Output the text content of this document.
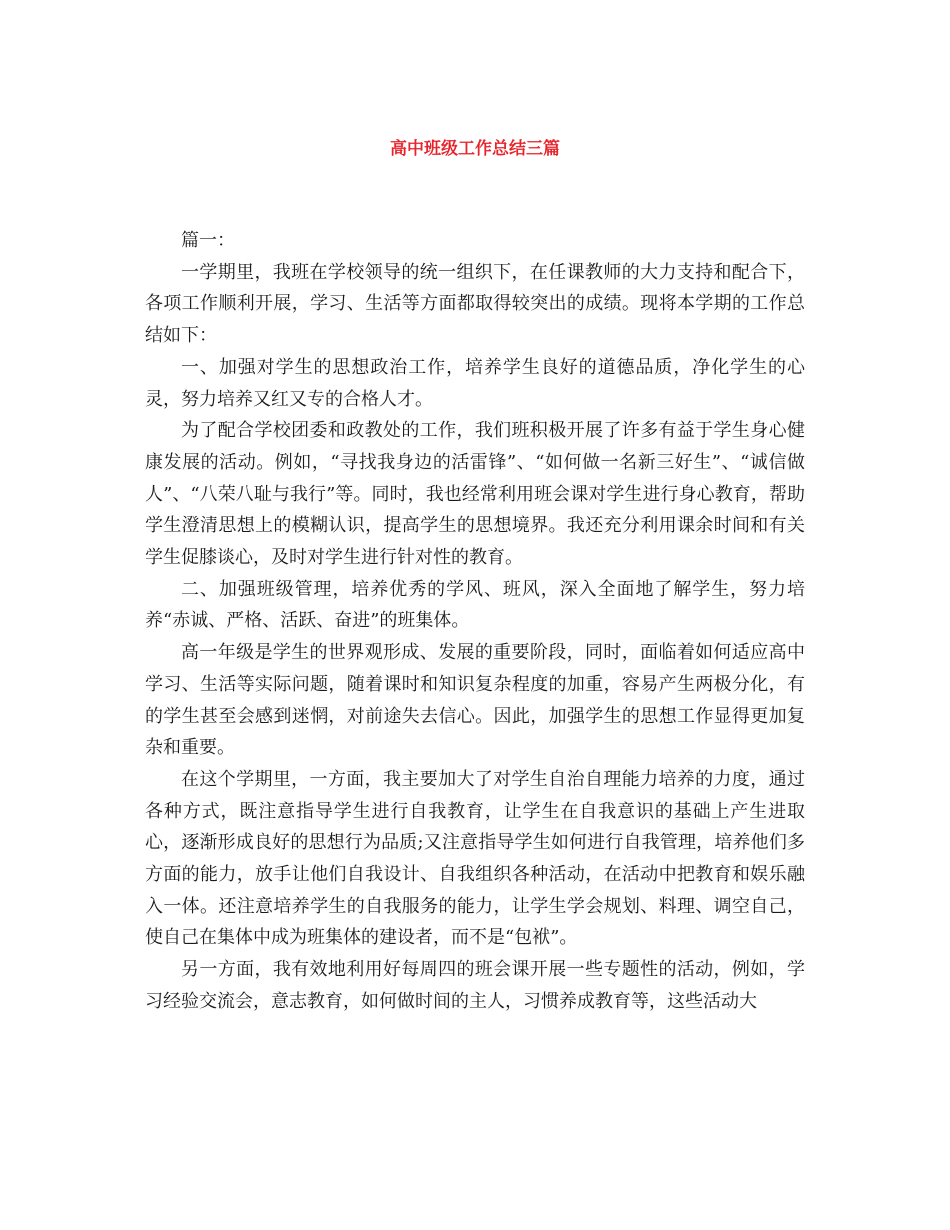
高中班级工作总结三篇

篇一：

一学期里，我班在学校领导的统一组织下，在任课教师的大力支持和配合下，各项工作顺利开展，学习、生活等方面都取得较突出的成绩。现将本学期的工作总结如下：

一、加强对学生的思想政治工作，培养学生良好的道德品质，净化学生的心灵，努力培养又红又专的合格人才。

为了配合学校团委和政教处的工作，我们班积极开展了许多有益于学生身心健康发展的活动。例如，“寻找我身边的活雷锋”、“如何做一名新三好生”、“诚信做人”、“八荣八耻与我行”等。同时，我也经常利用班会课对学生进行身心教育，帮助学生澄清思想上的模糊认识，提高学生的思想境界。我还充分利用课余时间和有关学生促膝谈心，及时对学生进行针对性的教育。

二、加强班级管理，培养优秀的学风、班风，深入全面地了解学生，努力培养“赤诚、严格、活跃、奋进”的班集体。

高一年级是学生的世界观形成、发展的重要阶段，同时，面临着如何适应高中学习、生活等实际问题，随着课时和知识复杂程度的加重，容易产生两极分化，有的学生甚至会感到迷惘，对前途失去信心。因此，加强学生的思想工作显得更加复杂和重要。

在这个学期里，一方面，我主要加大了对学生自治自理能力培养的力度，通过各种方式，既注意指导学生进行自我教育，让学生在自我意识的基础上产生进取心，逐渐形成良好的思想行为品质;又注意指导学生如何进行自我管理，培养他们多方面的能力，放手让他们自我设计、自我组织各种活动，在活动中把教育和娱乐融入一体。还注意培养学生的自我服务的能力，让学生学会规划、料理、调空自己，使自己在集体中成为班集体的建设者，而不是“包袱”。

另一方面，我有效地利用好每周四的班会课开展一些专题性的活动，例如，学习经验交流会，意志教育，如何做时间的主人，习惯养成教育等，这些活动大
